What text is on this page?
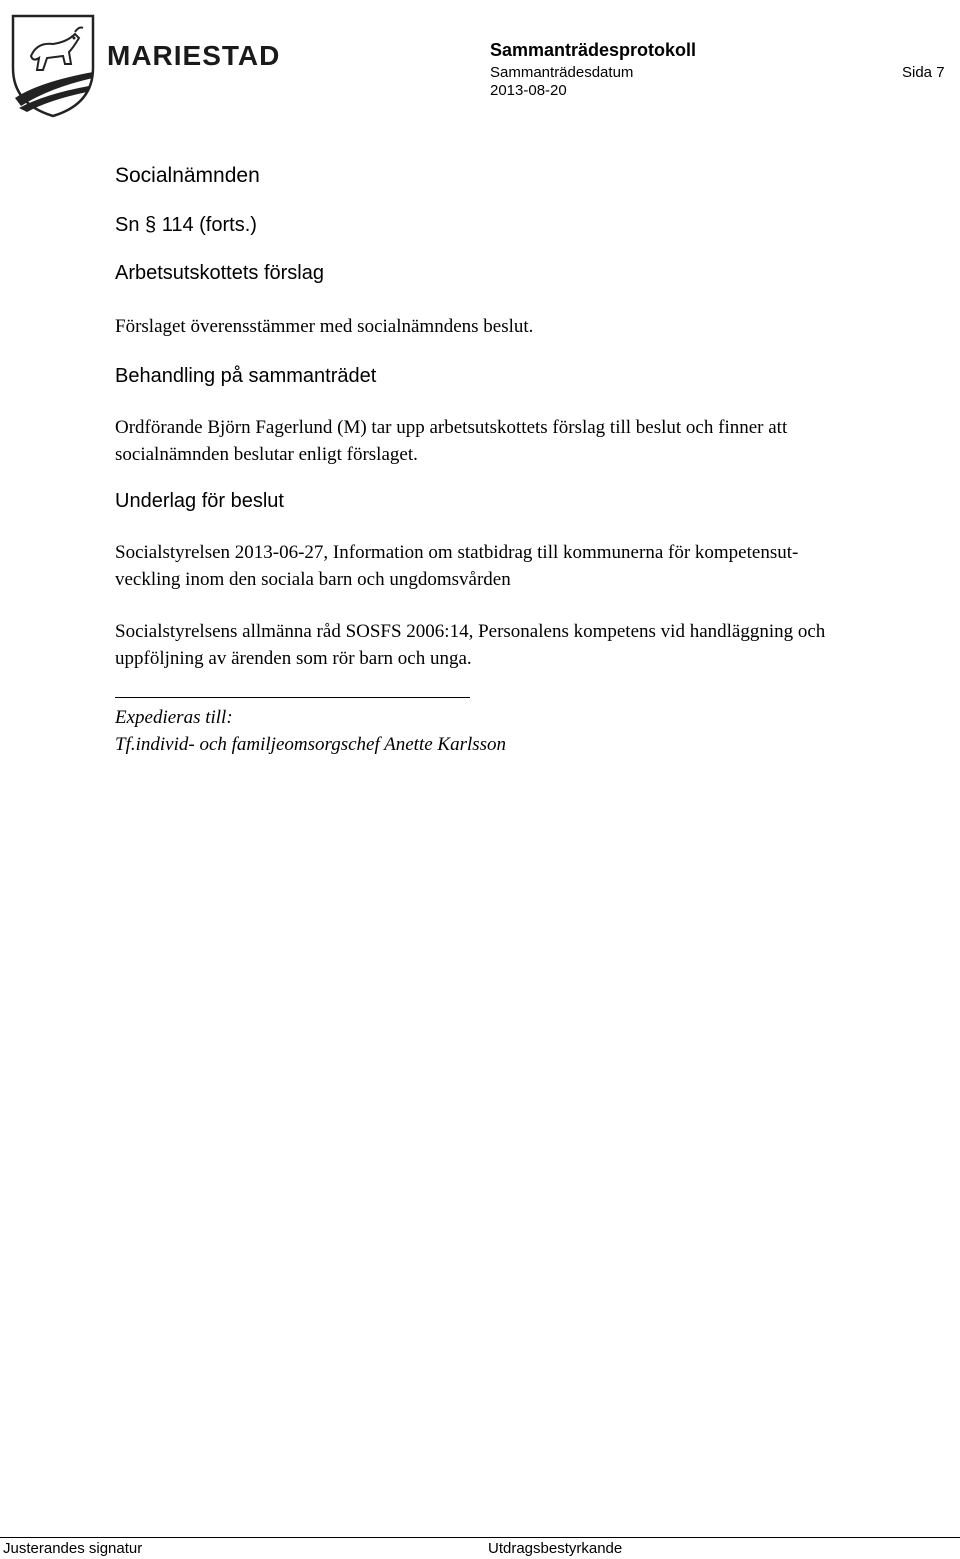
MARIESTAD	Sammanträdesprotokoll
Sammanträdesdatum	Sida 7
2013-08-20
Socialnämnden
Sn § 114 (forts.)
Arbetsutskottets förslag

Förslaget överensstämmer med socialnämndens beslut.

Behandling på sammanträdet

Ordförande Björn Fagerlund (M) tar upp arbetsutskottets förslag till beslut och finner att
socialnämnden beslutar enligt förslaget.

Underlag för beslut

Socialstyrelsen 2013-06-27, Information om statbidrag till kommunerna för kompetensut-
veckling inom den sociala barn och ungdomsvården

Socialstyrelsens allmänna råd SOSFS 2006:14, Personalens kompetens vid handläggning och
uppföljning av ärenden som rör barn och unga.

Expedieras till:
Tf.individ- och familjeomsorgschef Anette Karlsson
Justerandes signatur	Utdragsbestyrkande
